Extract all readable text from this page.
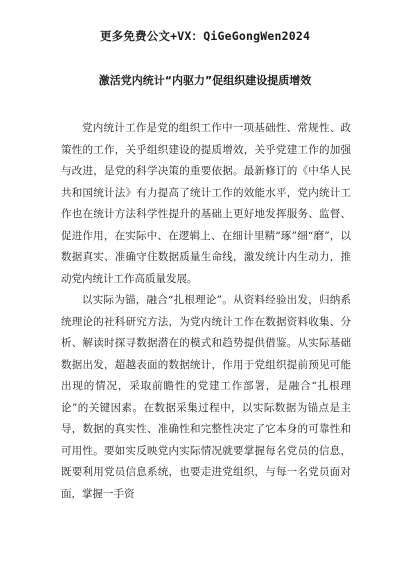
更多免费公文+VX：QiGeGongWen2024
激活党内统计“内驱力”促组织建设提质增效

党内统计工作是党的组织工作中一项基础性、常规性、政策性的工作，关乎组织建设的提质增效，关乎党建工作的加强与改进，是党的科学决策的重要依据。最新修订的《中华人民共和国统计法》有力提高了统计工作的效能水平，党内统计工作也在统计方法科学性提升的基础上更好地发挥服务、监督、促进作用，在实际中、在逻辑上、在细计里精“琢”细“磨”，以数据真实、准确守住数据质量生命线，激发统计内生动力，推动党内统计工作高质量发展。

以实际为锚，融合“扎根理论”。从资料经验出发，归纳系统理论的社科研究方法，为党内统计工作在数据资料收集、分析、解读时探寻数据潜在的模式和趋势提供借鉴。从实际基础数据出发，超越表面的数据统计，作用于党组织提前预见可能出现的情况，采取前瞻性的党建工作部署，是融合“扎根理论”的关键因素。在数据采集过程中，以实际数据为锚点是主导，数据的真实性、准确性和完整性决定了它本身的可靠性和可用性。要如实反映党内实际情况就要掌握每名党员的信息，既要利用党员信息系统，也要走进党组织，与每一名党员面对面，掌握一手资
